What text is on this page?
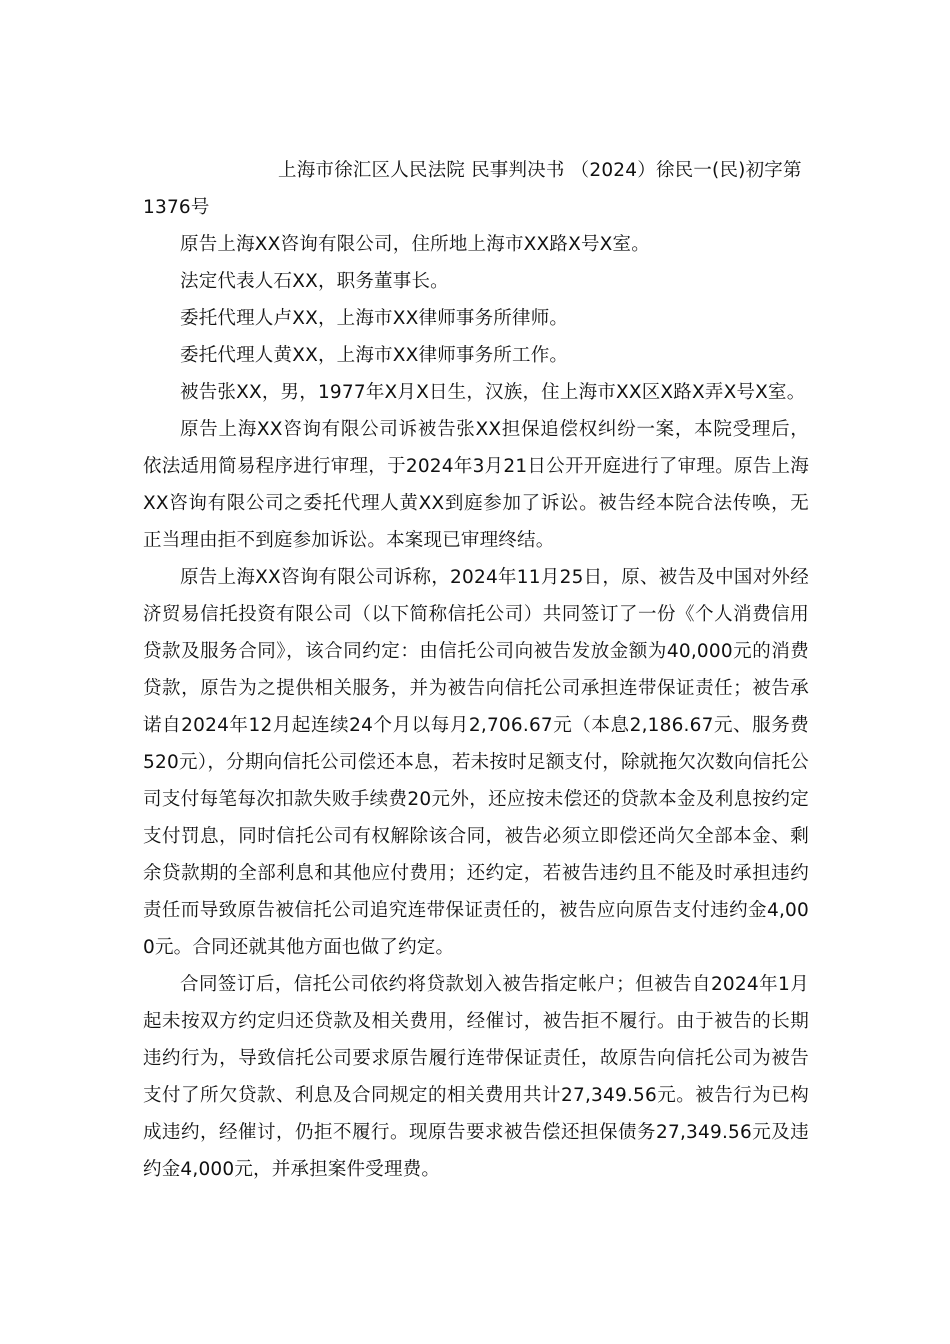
上海市徐汇区人民法院 民事判决书 （2024）徐民一(民)初字第1376号

原告上海XX咨询有限公司，住所地上海市XX路X号X室。

法定代表人石XX，职务董事长。

委托代理人卢XX，上海市XX律师事务所律师。

委托代理人黄XX，上海市XX律师事务所工作。

被告张XX，男，1977年X月X日生，汉族，住上海市XX区X路X弄X号X室。

原告上海XX咨询有限公司诉被告张XX担保追偿权纠纷一案，本院受理后，依法适用简易程序进行审理，于2024年3月21日公开开庭进行了审理。原告上海XX咨询有限公司之委托代理人黄XX到庭参加了诉讼。被告经本院合法传唤，无正当理由拒不到庭参加诉讼。本案现已审理终结。

原告上海XX咨询有限公司诉称，2024年11月25日，原、被告及中国对外经济贸易信托投资有限公司（以下简称信托公司）共同签订了一份《个人消费信用贷款及服务合同》，该合同约定：由信托公司向被告发放金额为40,000元的消费贷款，原告为之提供相关服务，并为被告向信托公司承担连带保证责任；被告承诺自2024年12月起连续24个月以每月2,706.67元（本息2,186.67元、服务费520元），分期向信托公司偿还本息，若未按时足额支付，除就拖欠次数向信托公司支付每笔每次扣款失败手续费20元外，还应按未偿还的贷款本金及利息按约定支付罚息，同时信托公司有权解除该合同，被告必须立即偿还尚欠全部本金、剩余贷款期的全部利息和其他应付费用；还约定，若被告违约且不能及时承担违约责任而导致原告被信托公司追究连带保证责任的，被告应向原告支付违约金4,000元。合同还就其他方面也做了约定。

合同签订后，信托公司依约将贷款划入被告指定帐户；但被告自2024年1月起未按双方约定归还贷款及相关费用，经催讨，被告拒不履行。由于被告的长期违约行为，导致信托公司要求原告履行连带保证责任，故原告向信托公司为被告支付了所欠贷款、利息及合同规定的相关费用共计27,349.56元。被告行为已构成违约，经催讨，仍拒不履行。现原告要求被告偿还担保债务27,349.56元及违约金4,000元，并承担案件受理费。
